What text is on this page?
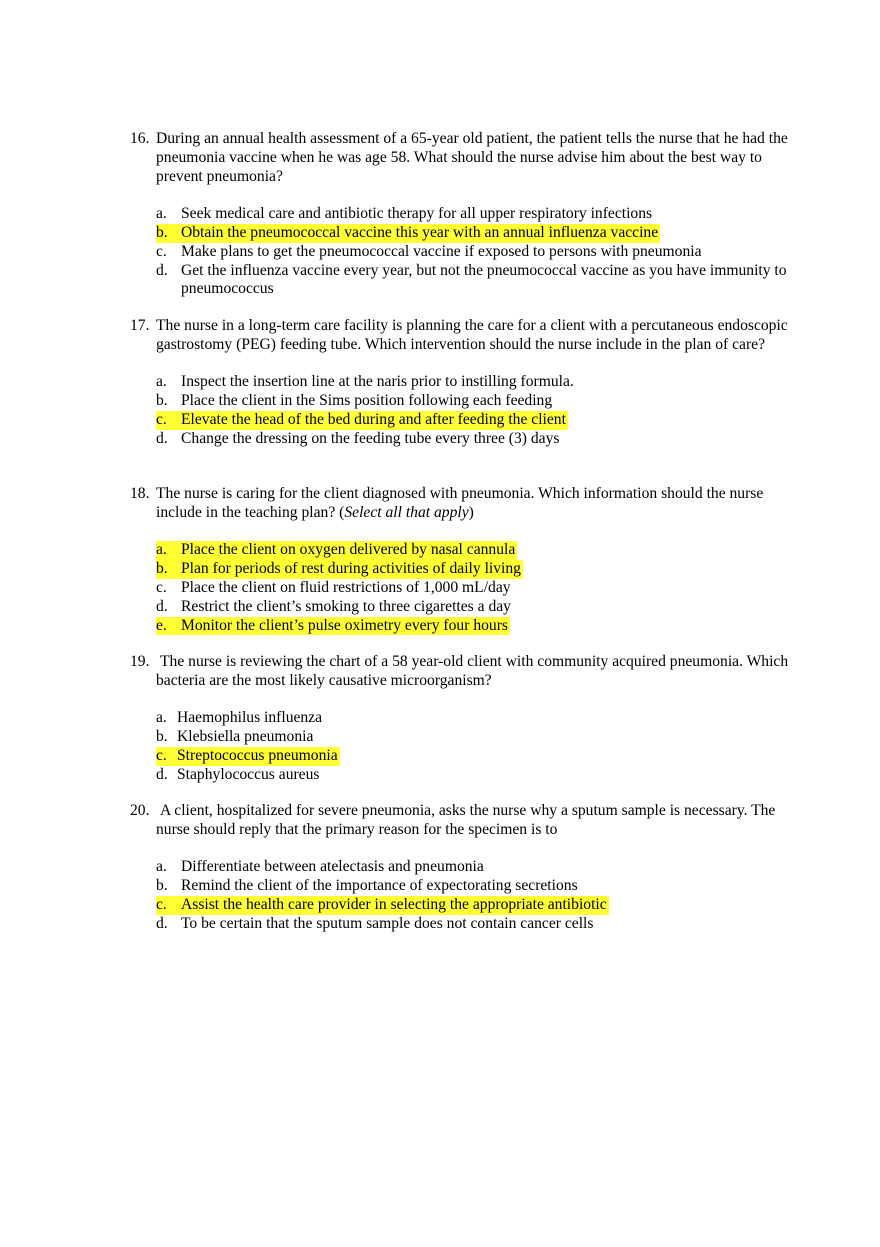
16. During an annual health assessment of a 65-year old patient, the patient tells the nurse that he had the pneumonia vaccine when he was age 58. What should the nurse advise him about the best way to prevent pneumonia?
a. Seek medical care and antibiotic therapy for all upper respiratory infections
b. Obtain the pneumococcal vaccine this year with an annual influenza vaccine
c. Make plans to get the pneumococcal vaccine if exposed to persons with pneumonia
d. Get the influenza vaccine every year, but not the pneumococcal vaccine as you have immunity to pneumococcus
17. The nurse in a long-term care facility is planning the care for a client with a percutaneous endoscopic gastrostomy (PEG) feeding tube. Which intervention should the nurse include in the plan of care?
a. Inspect the insertion line at the naris prior to instilling formula.
b. Place the client in the Sims position following each feeding
c. Elevate the head of the bed during and after feeding the client
d. Change the dressing on the feeding tube every three (3) days
18. The nurse is caring for the client diagnosed with pneumonia. Which information should the nurse include in the teaching plan? (Select all that apply)
a. Place the client on oxygen delivered by nasal cannula
b. Plan for periods of rest during activities of daily living
c. Place the client on fluid restrictions of 1,000 mL/day
d. Restrict the client’s smoking to three cigarettes a day
e. Monitor the client’s pulse oximetry every four hours
19. The nurse is reviewing the chart of a 58 year-old client with community acquired pneumonia. Which bacteria are the most likely causative microorganism?
a. Haemophilus influenza
b. Klebsiella pneumonia
c. Streptococcus pneumonia
d. Staphylococcus aureus
20. A client, hospitalized for severe pneumonia, asks the nurse why a sputum sample is necessary. The nurse should reply that the primary reason for the specimen is to
a. Differentiate between atelectasis and pneumonia
b. Remind the client of the importance of expectorating secretions
c. Assist the health care provider in selecting the appropriate antibiotic
d. To be certain that the sputum sample does not contain cancer cells
